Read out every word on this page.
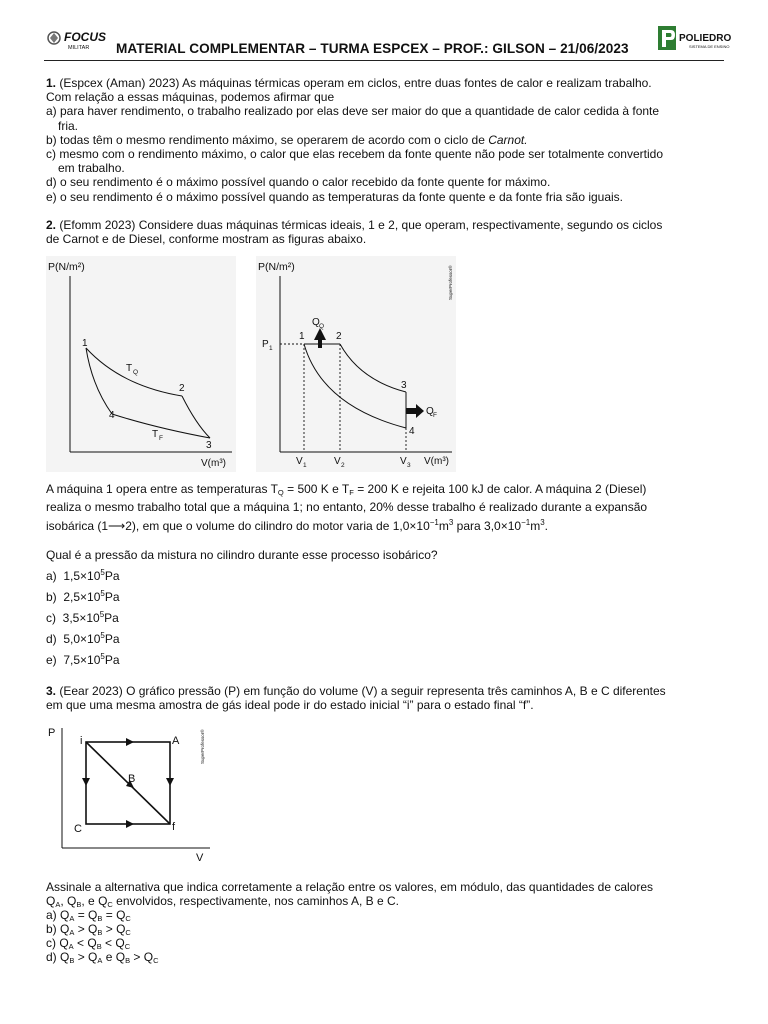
FOCUS
MILITAR MATERIAL COMPLEMENTAR – TURMA ESPCEX – PROF.: GILSON – 21/06/2023
POLIEDRO
SISTEMA DE ENSINO
1. (Espcex (Aman) 2023) As máquinas térmicas operam em ciclos, entre duas fontes de calor e realizam trabalho.
Com relação a essas máquinas, podemos afirmar que
a) para haver rendimento, o trabalho realizado por elas deve ser maior do que a quantidade de calor cedida à fonte
fria.
b) todas têm o mesmo rendimento máximo, se operarem de acordo com o ciclo de Carnot.
c) mesmo com o rendimento máximo, o calor que elas recebem da fonte quente não pode ser totalmente convertido
em trabalho.
d) o seu rendimento é o máximo possível quando o calor recebido da fonte quente for máximo.
e) o seu rendimento é o máximo possível quando as temperaturas da fonte quente e da fonte fria são iguais.
2. (Efomm 2023) Considere duas máquinas térmicas ideais, 1 e 2, que operam, respectivamente, segundo os ciclos
de Carnot e de Diesel, conforme mostram as figuras abaixo.
P(N/m²)
1
2
3
4
T Q
T F
V(m³)
P(N/m²)
1	2
3
4
P 1
Q Q
Q F
V 1	V 2	V 3 V(m³)
SuperProfessor®
A máquina 1 opera entre as temperaturas $T_Q = 500$ K e $T_F = 200$ K e rejeita 100 kJ de calor. A máquina 2 (Diesel)
realiza o mesmo trabalho total que a máquina 1; no entanto, 20% desse trabalho é realizado durante a expansão
isobárica (1⟶2), em que o volume do cilindro do motor varia de $1,0\times 10^{-1}m^3$ para $3,0\times 10^{-1}m^3$.
Qual é a pressão da mistura no cilindro durante esse processo isobárico?
a) $1,5\times 10^5Pa$
b) $2,5\times 10^5Pa$
c) $3,5\times 10^5Pa$
d) $5,0\times 10^5Pa$
e) $7,5\times 10^5Pa$
3. (Eear 2023) O gráfico pressão (P) em função do volume (V) a seguir representa três caminhos A, B e C diferentes
em que uma mesma amostra de gás ideal pode ir do estado inicial “i” para o estado final “f”.
P
V
i	A
B
C	f
SuperProfessor®
Assinale a alternativa que indica corretamente a relação entre os valores, em módulo, das quantidades de calores
$Q_A$, $Q_B$, e $Q_C$ envolvidos, respectivamente, nos caminhos A, B e C.
a) $Q_A = Q_B = Q_C$
b) $Q_A > Q_B > Q_C$
c) $Q_A < Q_B < Q_C$
d) $Q_B > Q_A$ e $Q_B > Q_C$
